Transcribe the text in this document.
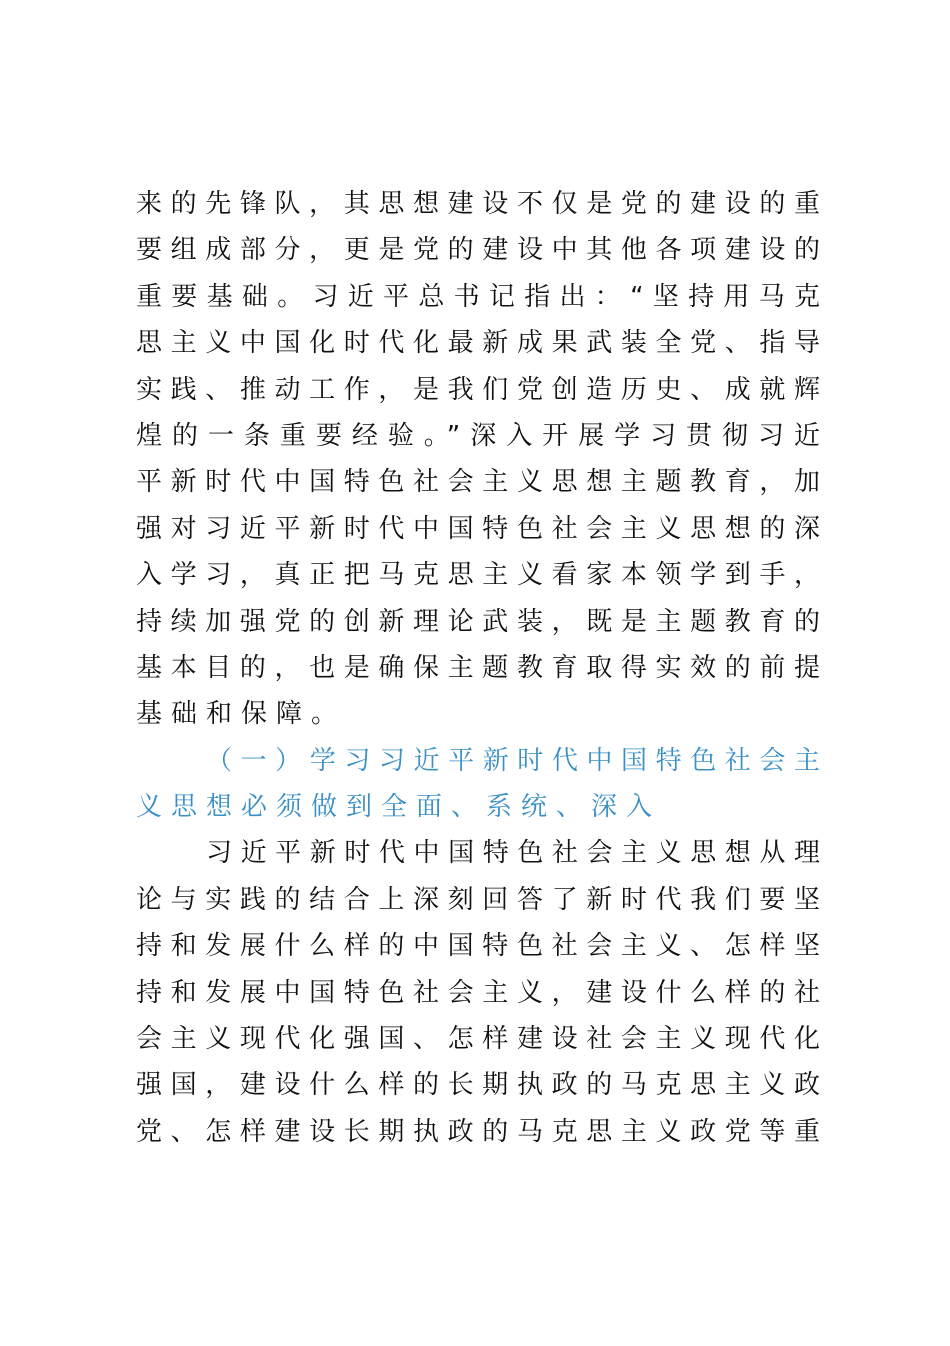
来的先锋队，其思想建设不仅是党的建设的重
要组成部分，更是党的建设中其他各项建设的
重要基础。习近平总书记指出：“坚持用马克
思主义中国化时代化最新成果武装全党、指导
实践、推动工作，是我们党创造历史、成就辉
煌的一条重要经验。”深入开展学习贯彻习近
平新时代中国特色社会主义思想主题教育，加
强对习近平新时代中国特色社会主义思想的深
入学习，真正把马克思主义看家本领学到手，
持续加强党的创新理论武装，既是主题教育的
基本目的，也是确保主题教育取得实效的前提
基础和保障。
（一）学习习近平新时代中国特色社会主
义思想必须做到全面、系统、深入
习近平新时代中国特色社会主义思想从理
论与实践的结合上深刻回答了新时代我们要坚
持和发展什么样的中国特色社会主义、怎样坚
持和发展中国特色社会主义，建设什么样的社
会主义现代化强国、怎样建设社会主义现代化
强国，建设什么样的长期执政的马克思主义政
党、怎样建设长期执政的马克思主义政党等重
